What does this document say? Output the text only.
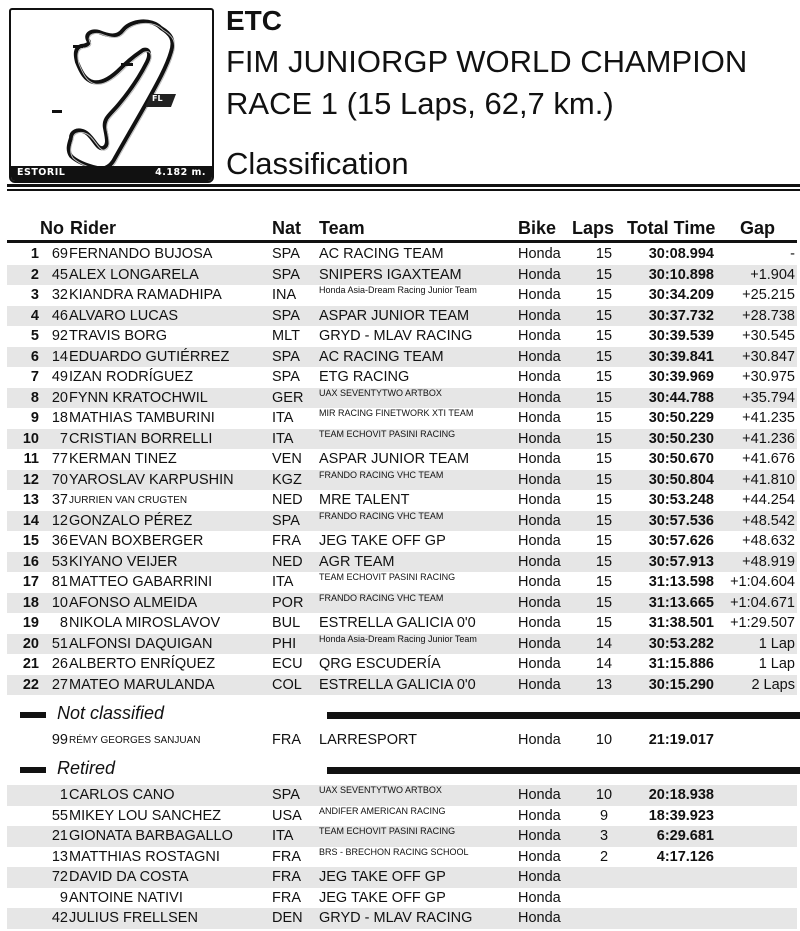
FL
ESTORIL	4.182 m.
ETC
FIM JUNIORGP WORLD CHAMPION
RACE 1 (15 Laps, 62,7 km.)
Classification
No Rider	Nat Team	Bike Laps Total Time Gap
1 69 FERNANDO BUJOSA	SPA AC RACING TEAM	Honda	15	30:08.994	-
2 45 ALEX LONGARELA	SPA SNIPERS IGAXTEAM	Honda	15	30:10.898 +1.904
3 32 KIANDRA RAMADHIPA	INA	Honda Asia-Dream Racing Junior Team	Honda	15	30:34.209 +25.215
4 46 ALVARO LUCAS	SPA ASPAR JUNIOR TEAM	Honda	15	30:37.732 +28.738
5 92 TRAVIS BORG	MLT GRYD - MLAV RACING	Honda	15	30:39.539 +30.545
6 14 EDUARDO GUTIÉRREZ	SPA AC RACING TEAM	Honda	15	30:39.841 +30.847
7 49 IZAN RODRÍGUEZ	SPA ETG RACING	Honda	15	30:39.969 +30.975
8 20 FYNN KRATOCHWIL	GER UAX SEVENTYTWO ARTBOX	Honda	15	30:44.788 +35.794
9 18 MATHIAS TAMBURINI	ITA	MIR RACING FINETWORK XTI TEAM	Honda	15	30:50.229 +41.235
10 7 CRISTIAN BORRELLI	ITA	TEAM ECHOVIT PASINI RACING	Honda	15	30:50.230 +41.236
11 77 KERMAN TINEZ	VEN ASPAR JUNIOR TEAM	Honda	15	30:50.670 +41.676
12 70 YAROSLAV KARPUSHIN	KGZ FRANDO RACING VHC TEAM	Honda	15	30:50.804 +41.810
13 37 JURRIEN VAN CRUGTEN	NED MRE TALENT	Honda	15	30:53.248 +44.254
14 12 GONZALO PÉREZ	SPA FRANDO RACING VHC TEAM	Honda	15	30:57.536 +48.542
15 36 EVAN BOXBERGER	FRA JEG TAKE OFF GP	Honda	15	30:57.626 +48.632
16 53 KIYANO VEIJER	NED AGR TEAM	Honda	15	30:57.913 +48.919
17 81 MATTEO GABARRINI	ITA	TEAM ECHOVIT PASINI RACING	Honda	15	31:13.598 +1:04.604
18 10 AFONSO ALMEIDA	POR FRANDO RACING VHC TEAM	Honda	15	31:13.665 +1:04.671
19 8 NIKOLA MIROSLAVOV	BUL ESTRELLA GALICIA 0'0	Honda	15	31:38.501 +1:29.507
20 51 ALFONSI DAQUIGAN	PHI	Honda Asia-Dream Racing Junior Team	Honda	14	30:53.282	1 Lap
21 26 ALBERTO ENRÍQUEZ	ECU QRG ESCUDERÍA	Honda	14	31:15.886	1 Lap
22 27 MATEO MARULANDA	COL ESTRELLA GALICIA 0'0	Honda	13	30:15.290	2 Laps
Not classified
99 RÉMY GEORGES SANJUAN	FRA LARRESPORT	Honda	10	21:19.017
Retired
1 CARLOS CANO	SPA UAX SEVENTYTWO ARTBOX	Honda	10	20:18.938
55 MIKEY LOU SANCHEZ	USA ANDIFER AMERICAN RACING	Honda	9	18:39.923
21 GIONATA BARBAGALLO	ITA	TEAM ECHOVIT PASINI RACING	Honda	3	6:29.681
13 MATTHIAS ROSTAGNI	FRA BRS - BRECHON RACING SCHOOL	Honda	2	4:17.126
72 DAVID DA COSTA	FRA JEG TAKE OFF GP	Honda
9 ANTOINE NATIVI	FRA JEG TAKE OFF GP	Honda
42 JULIUS FRELLSEN	DEN GRYD - MLAV RACING	Honda
